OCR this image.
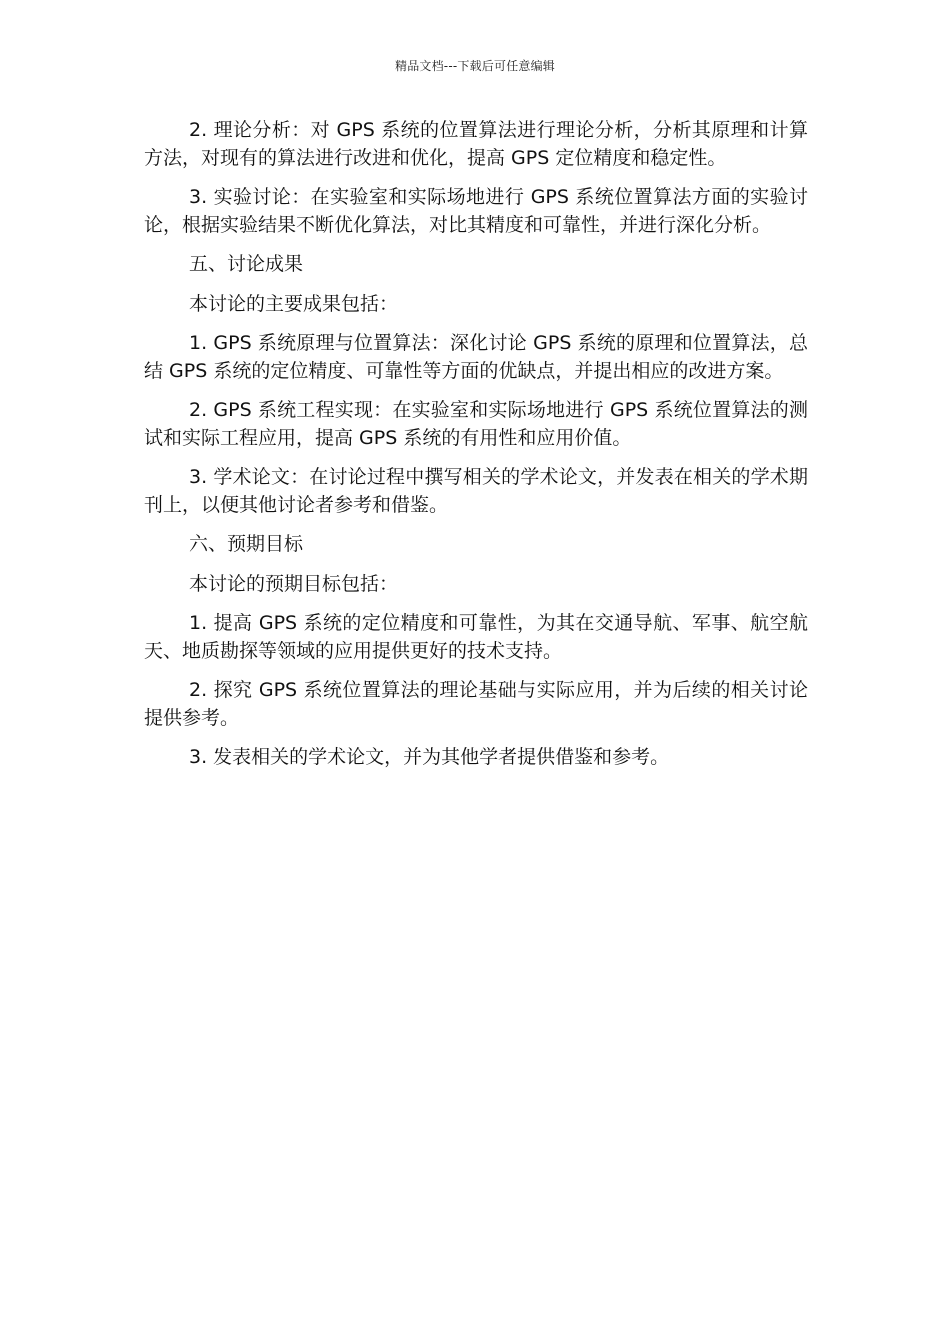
精品文档---下载后可任意编辑

2. 理论分析：对 GPS 系统的位置算法进行理论分析，分析其原理和计算方法，对现有的算法进行改进和优化，提高 GPS 定位精度和稳定性。

3. 实验讨论：在实验室和实际场地进行 GPS 系统位置算法方面的实验讨论，根据实验结果不断优化算法，对比其精度和可靠性，并进行深化分析。

五、讨论成果

本讨论的主要成果包括：

1. GPS 系统原理与位置算法：深化讨论 GPS 系统的原理和位置算法，总结 GPS 系统的定位精度、可靠性等方面的优缺点，并提出相应的改进方案。

2. GPS 系统工程实现：在实验室和实际场地进行 GPS 系统位置算法的测试和实际工程应用，提高 GPS 系统的有用性和应用价值。

3. 学术论文：在讨论过程中撰写相关的学术论文，并发表在相关的学术期刊上，以便其他讨论者参考和借鉴。

六、预期目标

本讨论的预期目标包括：

1. 提高 GPS 系统的定位精度和可靠性，为其在交通导航、军事、航空航天、地质勘探等领域的应用提供更好的技术支持。

2. 探究 GPS 系统位置算法的理论基础与实际应用，并为后续的相关讨论提供参考。

3. 发表相关的学术论文，并为其他学者提供借鉴和参考。
